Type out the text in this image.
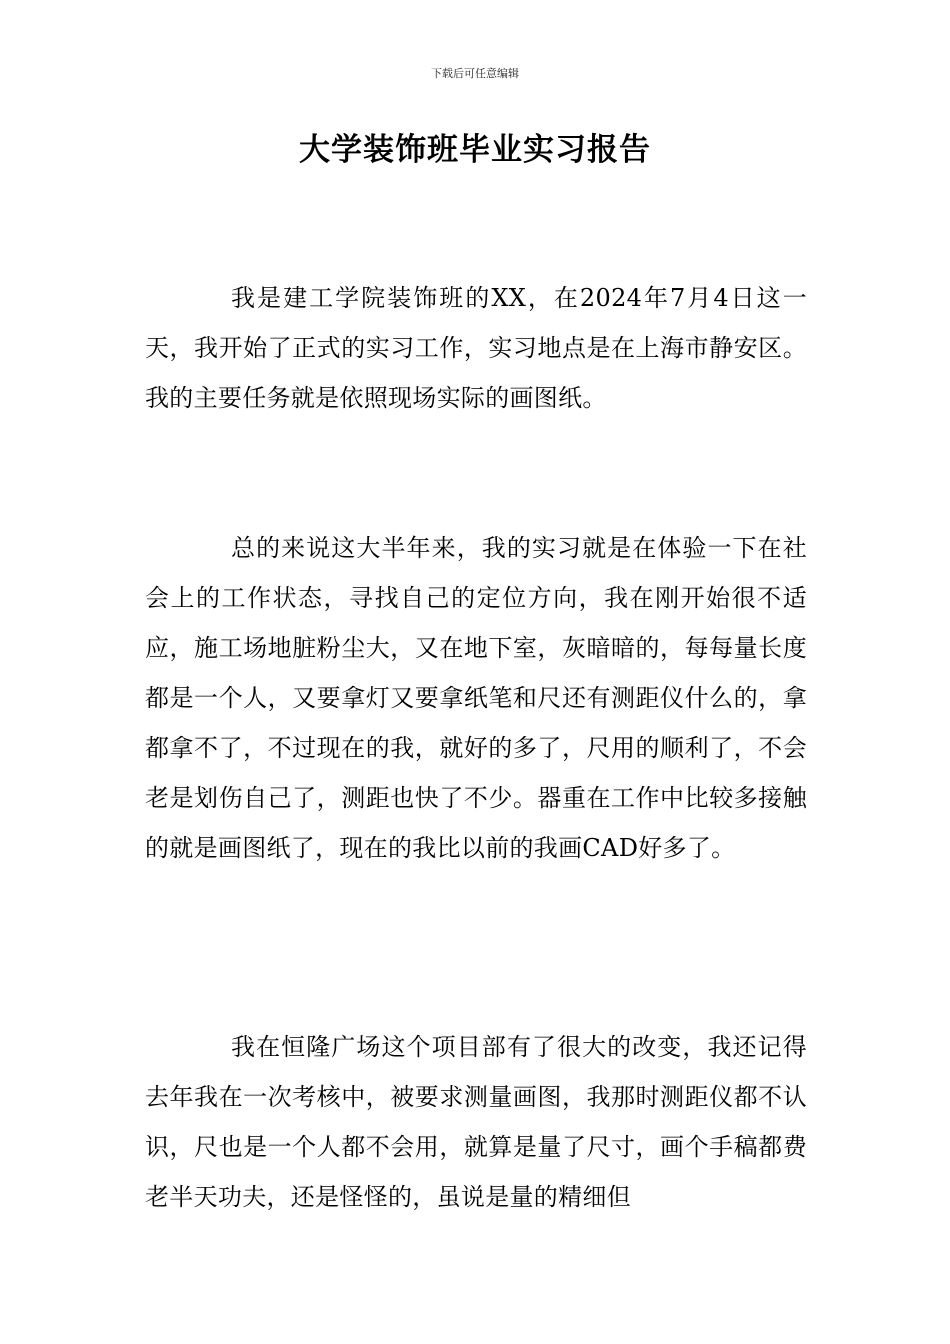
下载后可任意编辑
大学装饰班毕业实习报告

我是建工学院装饰班的XX，在2024年7月4日这一天，我开始了正式的实习工作，实习地点是在上海市静安区。我的主要任务就是依照现场实际的画图纸。

总的来说这大半年来，我的实习就是在体验一下在社会上的工作状态，寻找自己的定位方向，我在刚开始很不适应，施工场地脏粉尘大，又在地下室，灰暗暗的，每每量长度都是一个人，又要拿灯又要拿纸笔和尺还有测距仪什么的，拿都拿不了，不过现在的我，就好的多了，尺用的顺利了，不会老是划伤自己了，测距也快了不少。器重在工作中比较多接触的就是画图纸了，现在的我比以前的我画CAD好多了。

我在恒隆广场这个项目部有了很大的改变，我还记得去年我在一次考核中，被要求测量画图，我那时测距仪都不认识，尺也是一个人都不会用，就算是量了尺寸，画个手稿都费老半天功夫，还是怪怪的，虽说是量的精细但
